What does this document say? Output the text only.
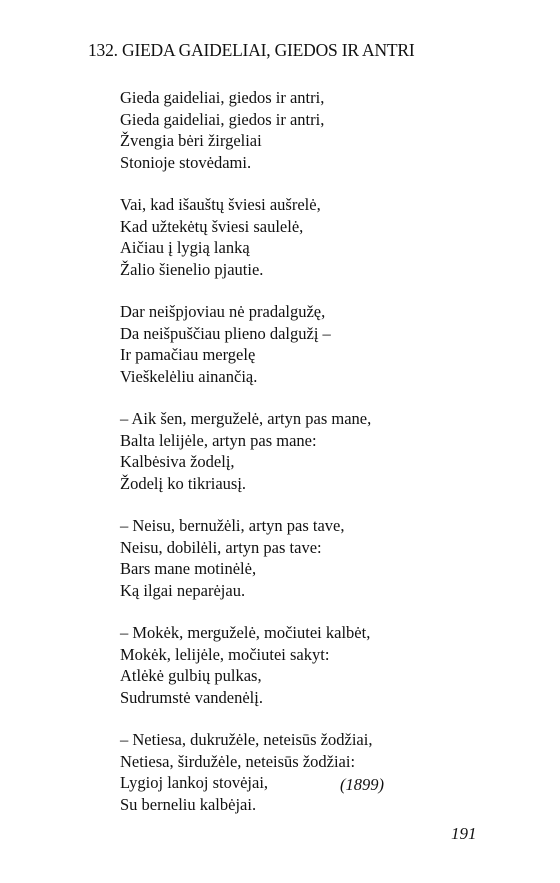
132. GIEDA GAIDELIAI, GIEDOS IR ANTRI
Gieda gaideliai, giedos ir antri,
Gieda gaideliai, giedos ir antri,
Žvengia bėri žirgeliai
Stonioje stovėdami.
Vai, kad išauštų šviesi aušrelė,
Kad užtekėtų šviesi saulelė,
Aičiau į lygią lanką
Žalio šienelio pjautie.
Dar neišpjoviau nė pradalgužę,
Da neišpuščiau plieno dalgužį –
Ir pamačiau mergelę
Vieškelėliu ainančią.
– Aik šen, merguželė, artyn pas mane,
Balta lelijėle, artyn pas mane:
Kalbėsiva žodelį,
Žodelį ko tikriausį.
– Neisu, bernužėli, artyn pas tave,
Neisu, dobilėli, artyn pas tave:
Bars mane motinėlė,
Ką ilgai neparėjau.
– Mokėk, merguželė, močiutei kalbėt,
Mokėk, lelijėle, močiutei sakyt:
Atlėkė gulbių pulkas,
Sudrumstė vandenėlį.
– Netiesa, dukružėle, neteisūs žodžiai,
Netiesa, širdužėle, neteisūs žodžiai:
Lygioj lankoj stovėjai,
Su berneliu kalbėjai.
(1899)
191
